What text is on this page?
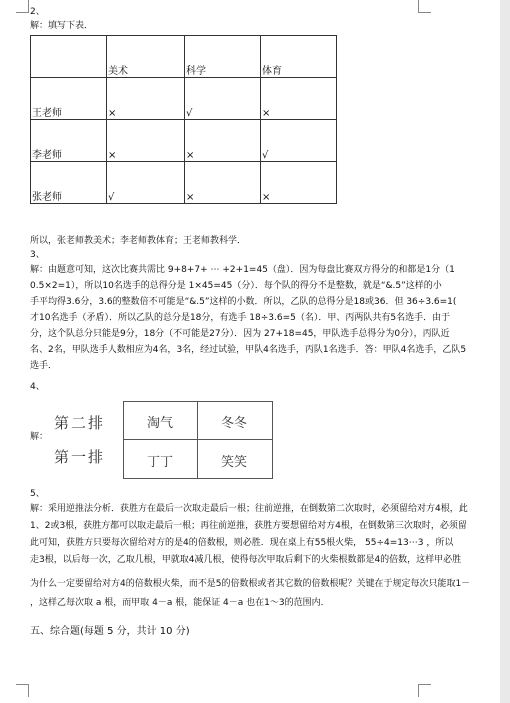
2、
解：填写下表．
	美术	科学	体育
王老师	×	√	×
李老师	×	×	√
张老师	√	×	×
所以，张老师教美术；李老师教体育；王老师教科学．
3、
解：由题意可知，这次比赛共需比 9+8+7+ ⋯ +2+1=45（盘）．因为每盘比赛双方得分的和都是1分（1
0.5×2=1），所以10名选手的总得分是 1×45=45（分）．每个队的得分不是整数，就是“&.5”这样的小
手平均得3.6分，3.6的整数倍不可能是“&.5”这样的小数．所以，乙队的总得分是18或36．但 36÷3.6=1(
才10名选手（矛盾）．所以乙队的总分是18分，有选手 18÷3.6=5（名）．甲、丙两队共有5名选手．由于
分，这个队总分只能是9分，18分（不可能是27分）．因为 27+18=45，甲队选手总得分为0分），丙队近
名、2名，甲队选手人数相应为4名，3名，经过试验，甲队4名选手，丙队1名选手．答：甲队4名选手，乙队5
选手．
4、
解：
第二排
第一排
淘气	冬冬
丁丁	笑笑
5、
解：采用逆推法分析．获胜方在最后一次取走最后一根；往前逆推，在倒数第二次取时，必须留给对方4根，此
1、2或3根，获胜方都可以取走最后一根；再往前逆推，获胜方要想留给对方4根，在倒数第三次取时，必须留
此可知，获胜方只要每次留给对方的是4的倍数根，则必胜．现在桌上有55根火柴， 55÷4=13⋯3 ，所以
走3根，以后每一次，乙取几根，甲就取4减几根，使得每次甲取后剩下的火柴根数都是4的倍数，这样甲必胜
为什么一定要留给对方4的倍数根火柴，而不是5的倍数根或者其它数的倍数根呢？关键在于规定每次只能取1－
，这样乙每次取 a 根，而甲取 4－a 根，能保证 4－a 也在1～3的范围内．
五、综合题(每题 5 分，共计 10 分)
